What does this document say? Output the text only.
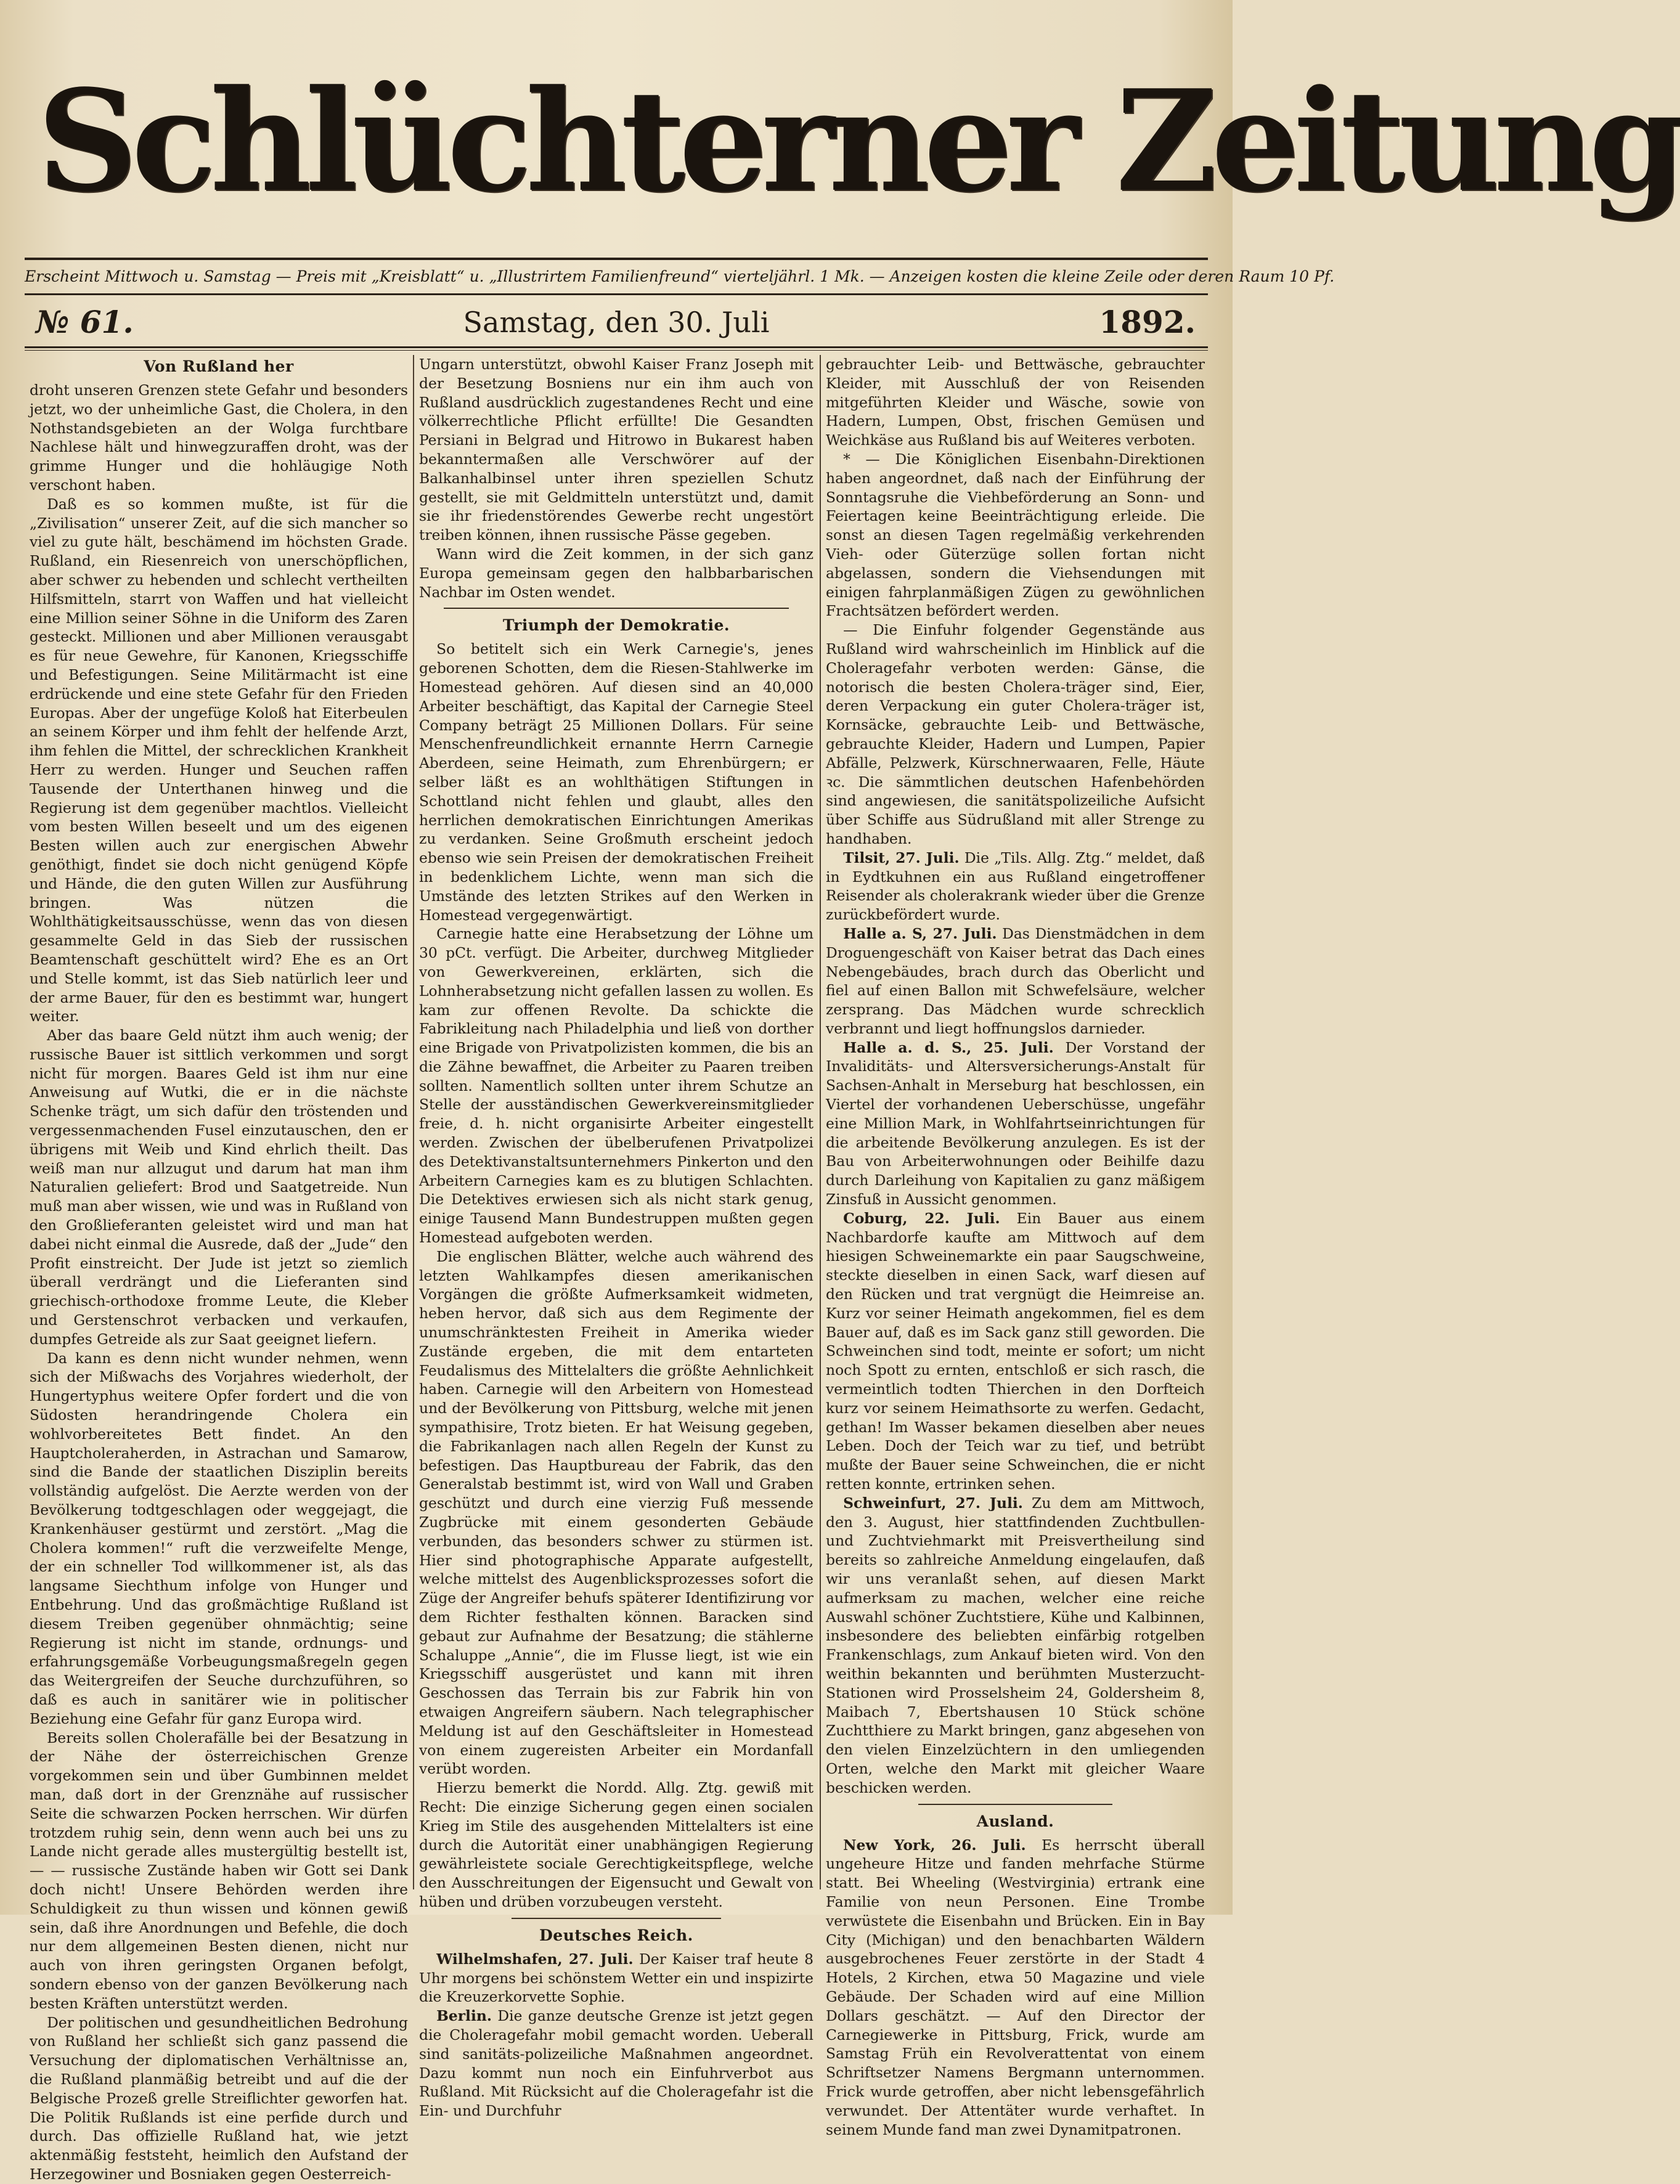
Schlüchterner Zeitung
Erscheint Mittwoch u. Samstag — Preis mit „Kreisblatt“ u. „Illustrirtem Familienfreund“ vierteljährl. 1 Mk. — Anzeigen kosten die kleine Zeile oder deren Raum 10 Pf.
№ 61.	Samstag, den 30. Juli	1892.
Von Rußland her

droht unseren Grenzen stete Gefahr und besonders jetzt, wo der unheimliche Gast, die Cholera, in den Nothstandsgebieten an der Wolga furchtbare Nachlese hält und hinwegzuraffen droht, was der grimme Hunger und die hohläugige Noth verschont haben.

Daß es so kommen mußte, ist für die „Zivilisation“ unserer Zeit, auf die sich mancher so viel zu gute hält, beschämend im höchsten Grade. Rußland, ein Riesenreich von unerschöpflichen, aber schwer zu hebenden und schlecht vertheilten Hilfsmitteln, starrt von Waffen und hat vielleicht eine Million seiner Söhne in die Uniform des Zaren gesteckt. Millionen und aber Millionen verausgabt es für neue Gewehre, für Kanonen, Kriegsschiffe und Befestigungen. Seine Militärmacht ist eine erdrückende und eine stete Gefahr für den Frieden Europas. Aber der ungefüge Koloß hat Eiterbeulen an seinem Körper und ihm fehlt der helfende Arzt, ihm fehlen die Mittel, der schrecklichen Krankheit Herr zu werden. Hunger und Seuchen raffen Tausende der Unterthanen hinweg und die Regierung ist dem gegenüber machtlos. Vielleicht vom besten Willen beseelt und um des eigenen Besten willen auch zur energischen Abwehr genöthigt, findet sie doch nicht genügend Köpfe und Hände, die den guten Willen zur Ausführung bringen. Was nützen die Wohlthätigkeitsausschüsse, wenn das von diesen gesammelte Geld in das Sieb der russischen Beamtenschaft geschüttelt wird? Ehe es an Ort und Stelle kommt, ist das Sieb natürlich leer und der arme Bauer, für den es bestimmt war, hungert weiter.

Aber das baare Geld nützt ihm auch wenig; der russische Bauer ist sittlich verkommen und sorgt nicht für morgen. Baares Geld ist ihm nur eine Anweisung auf Wutki, die er in die nächste Schenke trägt, um sich dafür den tröstenden und vergessenmachenden Fusel einzutauschen, den er übrigens mit Weib und Kind ehrlich theilt. Das weiß man nur allzugut und darum hat man ihm Naturalien geliefert: Brod und Saatgetreide. Nun muß man aber wissen, wie und was in Rußland von den Großlieferanten geleistet wird und man hat dabei nicht einmal die Ausrede, daß der „Jude“ den Profit einstreicht. Der Jude ist jetzt so ziemlich überall verdrängt und die Lieferanten sind griechisch-orthodoxe fromme Leute, die Kleber und Gerstenschrot verbacken und verkaufen, dumpfes Getreide als zur Saat geeignet liefern.

Da kann es denn nicht wunder nehmen, wenn sich der Mißwachs des Vorjahres wiederholt, der Hungertyphus weitere Opfer fordert und die von Südosten herandringende Cholera ein wohlvorbereitetes Bett findet. An den Hauptcholeraherden, in Astrachan und Samarow, sind die Bande der staatlichen Disziplin bereits vollständig aufgelöst. Die Aerzte werden von der Bevölkerung todtgeschlagen oder weggejagt, die Krankenhäuser gestürmt und zerstört. „Mag die Cholera kommen!“ ruft die verzweifelte Menge, der ein schneller Tod willkommener ist, als das langsame Siechthum infolge von Hunger und Entbehrung. Und das großmächtige Rußland ist diesem Treiben gegenüber ohnmächtig; seine Regierung ist nicht im stande, ordnungs- und erfahrungsgemäße Vorbeugungsmaßregeln gegen das Weitergreifen der Seuche durchzuführen, so daß es auch in sanitärer wie in politischer Beziehung eine Gefahr für ganz Europa wird.

Bereits sollen Cholerafälle bei der Besatzung in der Nähe der österreichischen Grenze vorgekommen sein und über Gumbinnen meldet man, daß dort in der Grenznähe auf russischer Seite die schwarzen Pocken herrschen. Wir dürfen trotzdem ruhig sein, denn wenn auch bei uns zu Lande nicht gerade alles mustergültig bestellt ist, — — russische Zustände haben wir Gott sei Dank doch nicht! Unsere Behörden werden ihre Schuldigkeit zu thun wissen und können gewiß sein, daß ihre Anordnungen und Befehle, die doch nur dem allgemeinen Besten dienen, nicht nur auch von ihren geringsten Organen befolgt, sondern ebenso von der ganzen Bevölkerung nach besten Kräften unterstützt werden.

Der politischen und gesundheitlichen Bedrohung von Rußland her schließt sich ganz passend die Versuchung der diplomatischen Verhältnisse an, die Rußland planmäßig betreibt und auf die der Belgische Prozeß grelle Streiflichter geworfen hat. Die Politik Rußlands ist eine perfide durch und durch. Das offizielle Rußland hat, wie jetzt aktenmäßig feststeht, heimlich den Aufstand der Herzegowiner und Bosniaken gegen Oesterreich-

Ungarn unterstützt, obwohl Kaiser Franz Joseph mit der Besetzung Bosniens nur ein ihm auch von Rußland ausdrücklich zugestandenes Recht und eine völkerrechtliche Pflicht erfüllte! Die Gesandten Persiani in Belgrad und Hitrowo in Bukarest haben bekanntermaßen alle Verschwörer auf der Balkanhalbinsel unter ihren speziellen Schutz gestellt, sie mit Geldmitteln unterstützt und, damit sie ihr friedenstörendes Gewerbe recht ungestört treiben können, ihnen russische Pässe gegeben.

Wann wird die Zeit kommen, in der sich ganz Europa gemeinsam gegen den halbbarbarischen Nachbar im Osten wendet.

Triumph der Demokratie.

So betitelt sich ein Werk Carnegie's, jenes geborenen Schotten, dem die Riesen-Stahlwerke im Homestead gehören. Auf diesen sind an 40,000 Arbeiter beschäftigt, das Kapital der Carnegie Steel Company beträgt 25 Millionen Dollars. Für seine Menschenfreundlichkeit ernannte Herrn Carnegie Aberdeen, seine Heimath, zum Ehrenbürgern; er selber läßt es an wohlthätigen Stiftungen in Schottland nicht fehlen und glaubt, alles den herrlichen demokratischen Einrichtungen Amerikas zu verdanken. Seine Großmuth erscheint jedoch ebenso wie sein Preisen der demokratischen Freiheit in bedenklichem Lichte, wenn man sich die Umstände des letzten Strikes auf den Werken in Homestead vergegenwärtigt.

Carnegie hatte eine Herabsetzung der Löhne um 30 pCt. verfügt. Die Arbeiter, durchweg Mitglieder von Gewerkvereinen, erklärten, sich die Lohnherabsetzung nicht gefallen lassen zu wollen. Es kam zur offenen Revolte. Da schickte die Fabrikleitung nach Philadelphia und ließ von dorther eine Brigade von Privatpolizisten kommen, die bis an die Zähne bewaffnet, die Arbeiter zu Paaren treiben sollten. Namentlich sollten unter ihrem Schutze an Stelle der ausständischen Gewerkvereinsmitglieder freie, d. h. nicht organisirte Arbeiter eingestellt werden. Zwischen der übelberufenen Privatpolizei des Detektivanstaltsunternehmers Pinkerton und den Arbeitern Carnegies kam es zu blutigen Schlachten. Die Detektives erwiesen sich als nicht stark genug, einige Tausend Mann Bundestruppen mußten gegen Homestead aufgeboten werden.

Die englischen Blätter, welche auch während des letzten Wahlkampfes diesen amerikanischen Vorgängen die größte Aufmerksamkeit widmeten, heben hervor, daß sich aus dem Regimente der unumschränktesten Freiheit in Amerika wieder Zustände ergeben, die mit dem entarteten Feudalismus des Mittelalters die größte Aehnlichkeit haben. Carnegie will den Arbeitern von Homestead und der Bevölkerung von Pittsburg, welche mit jenen sympathisire, Trotz bieten. Er hat Weisung gegeben, die Fabrikanlagen nach allen Regeln der Kunst zu befestigen. Das Hauptbureau der Fabrik, das den Generalstab bestimmt ist, wird von Wall und Graben geschützt und durch eine vierzig Fuß messende Zugbrücke mit einem gesonderten Gebäude verbunden, das besonders schwer zu stürmen ist. Hier sind photographische Apparate aufgestellt, welche mittelst des Augenblicksprozesses sofort die Züge der Angreifer behufs späterer Identifizirung vor dem Richter festhalten können. Baracken sind gebaut zur Aufnahme der Besatzung; die stählerne Schaluppe „Annie“, die im Flusse liegt, ist wie ein Kriegsschiff ausgerüstet und kann mit ihren Geschossen das Terrain bis zur Fabrik hin von etwaigen Angreifern säubern. Nach telegraphischer Meldung ist auf den Geschäftsleiter in Homestead von einem zugereisten Arbeiter ein Mordanfall verübt worden.

Hierzu bemerkt die Nordd. Allg. Ztg. gewiß mit Recht: Die einzige Sicherung gegen einen socialen Krieg im Stile des ausgehenden Mittelalters ist eine durch die Autorität einer unabhängigen Regierung gewährleistete sociale Gerechtigkeitspflege, welche den Ausschreitungen der Eigensucht und Gewalt von hüben und drüben vorzubeugen versteht.

Deutsches Reich.

Wilhelmshafen, 27. Juli. Der Kaiser traf heute 8 Uhr morgens bei schönstem Wetter ein und inspizirte die Kreuzerkorvette Sophie.

Berlin. Die ganze deutsche Grenze ist jetzt gegen die Choleragefahr mobil gemacht worden. Ueberall sind sanitäts-polizeiliche Maßnahmen angeordnet. Dazu kommt nun noch ein Einfuhrverbot aus Rußland. Mit Rücksicht auf die Choleragefahr ist die Ein- und Durchfuhr

gebrauchter Leib- und Bettwäsche, gebrauchter Kleider, mit Ausschluß der von Reisenden mitgeführten Kleider und Wäsche, sowie von Hadern, Lumpen, Obst, frischen Gemüsen und Weichkäse aus Rußland bis auf Weiteres verboten.

* — Die Königlichen Eisenbahn-Direktionen haben angeordnet, daß nach der Einführung der Sonntagsruhe die Viehbeförderung an Sonn- und Feiertagen keine Beeinträchtigung erleide. Die sonst an diesen Tagen regelmäßig verkehrenden Vieh- oder Güterzüge sollen fortan nicht abgelassen, sondern die Viehsendungen mit einigen fahrplanmäßigen Zügen zu gewöhnlichen Frachtsätzen befördert werden.

— Die Einfuhr folgender Gegenstände aus Rußland wird wahrscheinlich im Hinblick auf die Choleragefahr verboten werden: Gänse, die notorisch die besten Cholera-träger sind, Eier, deren Verpackung ein guter Cholera-träger ist, Kornsäcke, gebrauchte Leib- und Bettwäsche, gebrauchte Kleider, Hadern und Lumpen, Papier Abfälle, Pelzwerk, Kürschnerwaaren, Felle, Häute ꝛc. Die sämmtlichen deutschen Hafenbehörden sind angewiesen, die sanitätspolizeiliche Aufsicht über Schiffe aus Südrußland mit aller Strenge zu handhaben.

Tilsit, 27. Juli. Die „Tils. Allg. Ztg.“ meldet, daß in Eydtkuhnen ein aus Rußland eingetroffener Reisender als cholerakrank wieder über die Grenze zurückbefördert wurde.

Halle a. S, 27. Juli. Das Dienstmädchen in dem Droguengeschäft von Kaiser betrat das Dach eines Nebengebäudes, brach durch das Oberlicht und fiel auf einen Ballon mit Schwefelsäure, welcher zersprang. Das Mädchen wurde schrecklich verbrannt und liegt hoffnungslos darnieder.

Halle a. d. S., 25. Juli. Der Vorstand der Invaliditäts- und Altersversicherungs-Anstalt für Sachsen-Anhalt in Merseburg hat beschlossen, ein Viertel der vorhandenen Ueberschüsse, ungefähr eine Million Mark, in Wohlfahrtseinrichtungen für die arbeitende Bevölkerung anzulegen. Es ist der Bau von Arbeiterwohnungen oder Beihilfe dazu durch Darleihung von Kapitalien zu ganz mäßigem Zinsfuß in Aussicht genommen.

Coburg, 22. Juli. Ein Bauer aus einem Nachbardorfe kaufte am Mittwoch auf dem hiesigen Schweinemarkte ein paar Saugschweine, steckte dieselben in einen Sack, warf diesen auf den Rücken und trat vergnügt die Heimreise an. Kurz vor seiner Heimath angekommen, fiel es dem Bauer auf, daß es im Sack ganz still geworden. Die Schweinchen sind todt, meinte er sofort; um nicht noch Spott zu ernten, entschloß er sich rasch, die vermeintlich todten Thierchen in den Dorfteich kurz vor seinem Heimathsorte zu werfen. Gedacht, gethan! Im Wasser bekamen dieselben aber neues Leben. Doch der Teich war zu tief, und betrübt mußte der Bauer seine Schweinchen, die er nicht retten konnte, ertrinken sehen.

Schweinfurt, 27. Juli. Zu dem am Mittwoch, den 3. August, hier stattfindenden Zuchtbullen- und Zuchtviehmarkt mit Preisvertheilung sind bereits so zahlreiche Anmeldung eingelaufen, daß wir uns veranlaßt sehen, auf diesen Markt aufmerksam zu machen, welcher eine reiche Auswahl schöner Zuchtstiere, Kühe und Kalbinnen, insbesondere des beliebten einfärbig rotgelben Frankenschlags, zum Ankauf bieten wird. Von den weithin bekannten und berühmten Musterzucht-Stationen wird Prosselsheim 24, Goldersheim 8, Maibach 7, Ebertshausen 10 Stück schöne Zuchtthiere zu Markt bringen, ganz abgesehen von den vielen Einzelzüchtern in den umliegenden Orten, welche den Markt mit gleicher Waare beschicken werden.

Ausland.

New York, 26. Juli. Es herrscht überall ungeheure Hitze und fanden mehrfache Stürme statt. Bei Wheeling (Westvirginia) ertrank eine Familie von neun Personen. Eine Trombe verwüstete die Eisenbahn und Brücken. Ein in Bay City (Michigan) und den benachbarten Wäldern ausgebrochenes Feuer zerstörte in der Stadt 4 Hotels, 2 Kirchen, etwa 50 Magazine und viele Gebäude. Der Schaden wird auf eine Million Dollars geschätzt. — Auf den Director der Carnegiewerke in Pittsburg, Frick, wurde am Samstag Früh ein Revolverattentat von einem Schriftsetzer Namens Bergmann unternommen. Frick wurde getroffen, aber nicht lebensgefährlich verwundet. Der Attentäter wurde verhaftet. In seinem Munde fand man zwei Dynamitpatronen.
